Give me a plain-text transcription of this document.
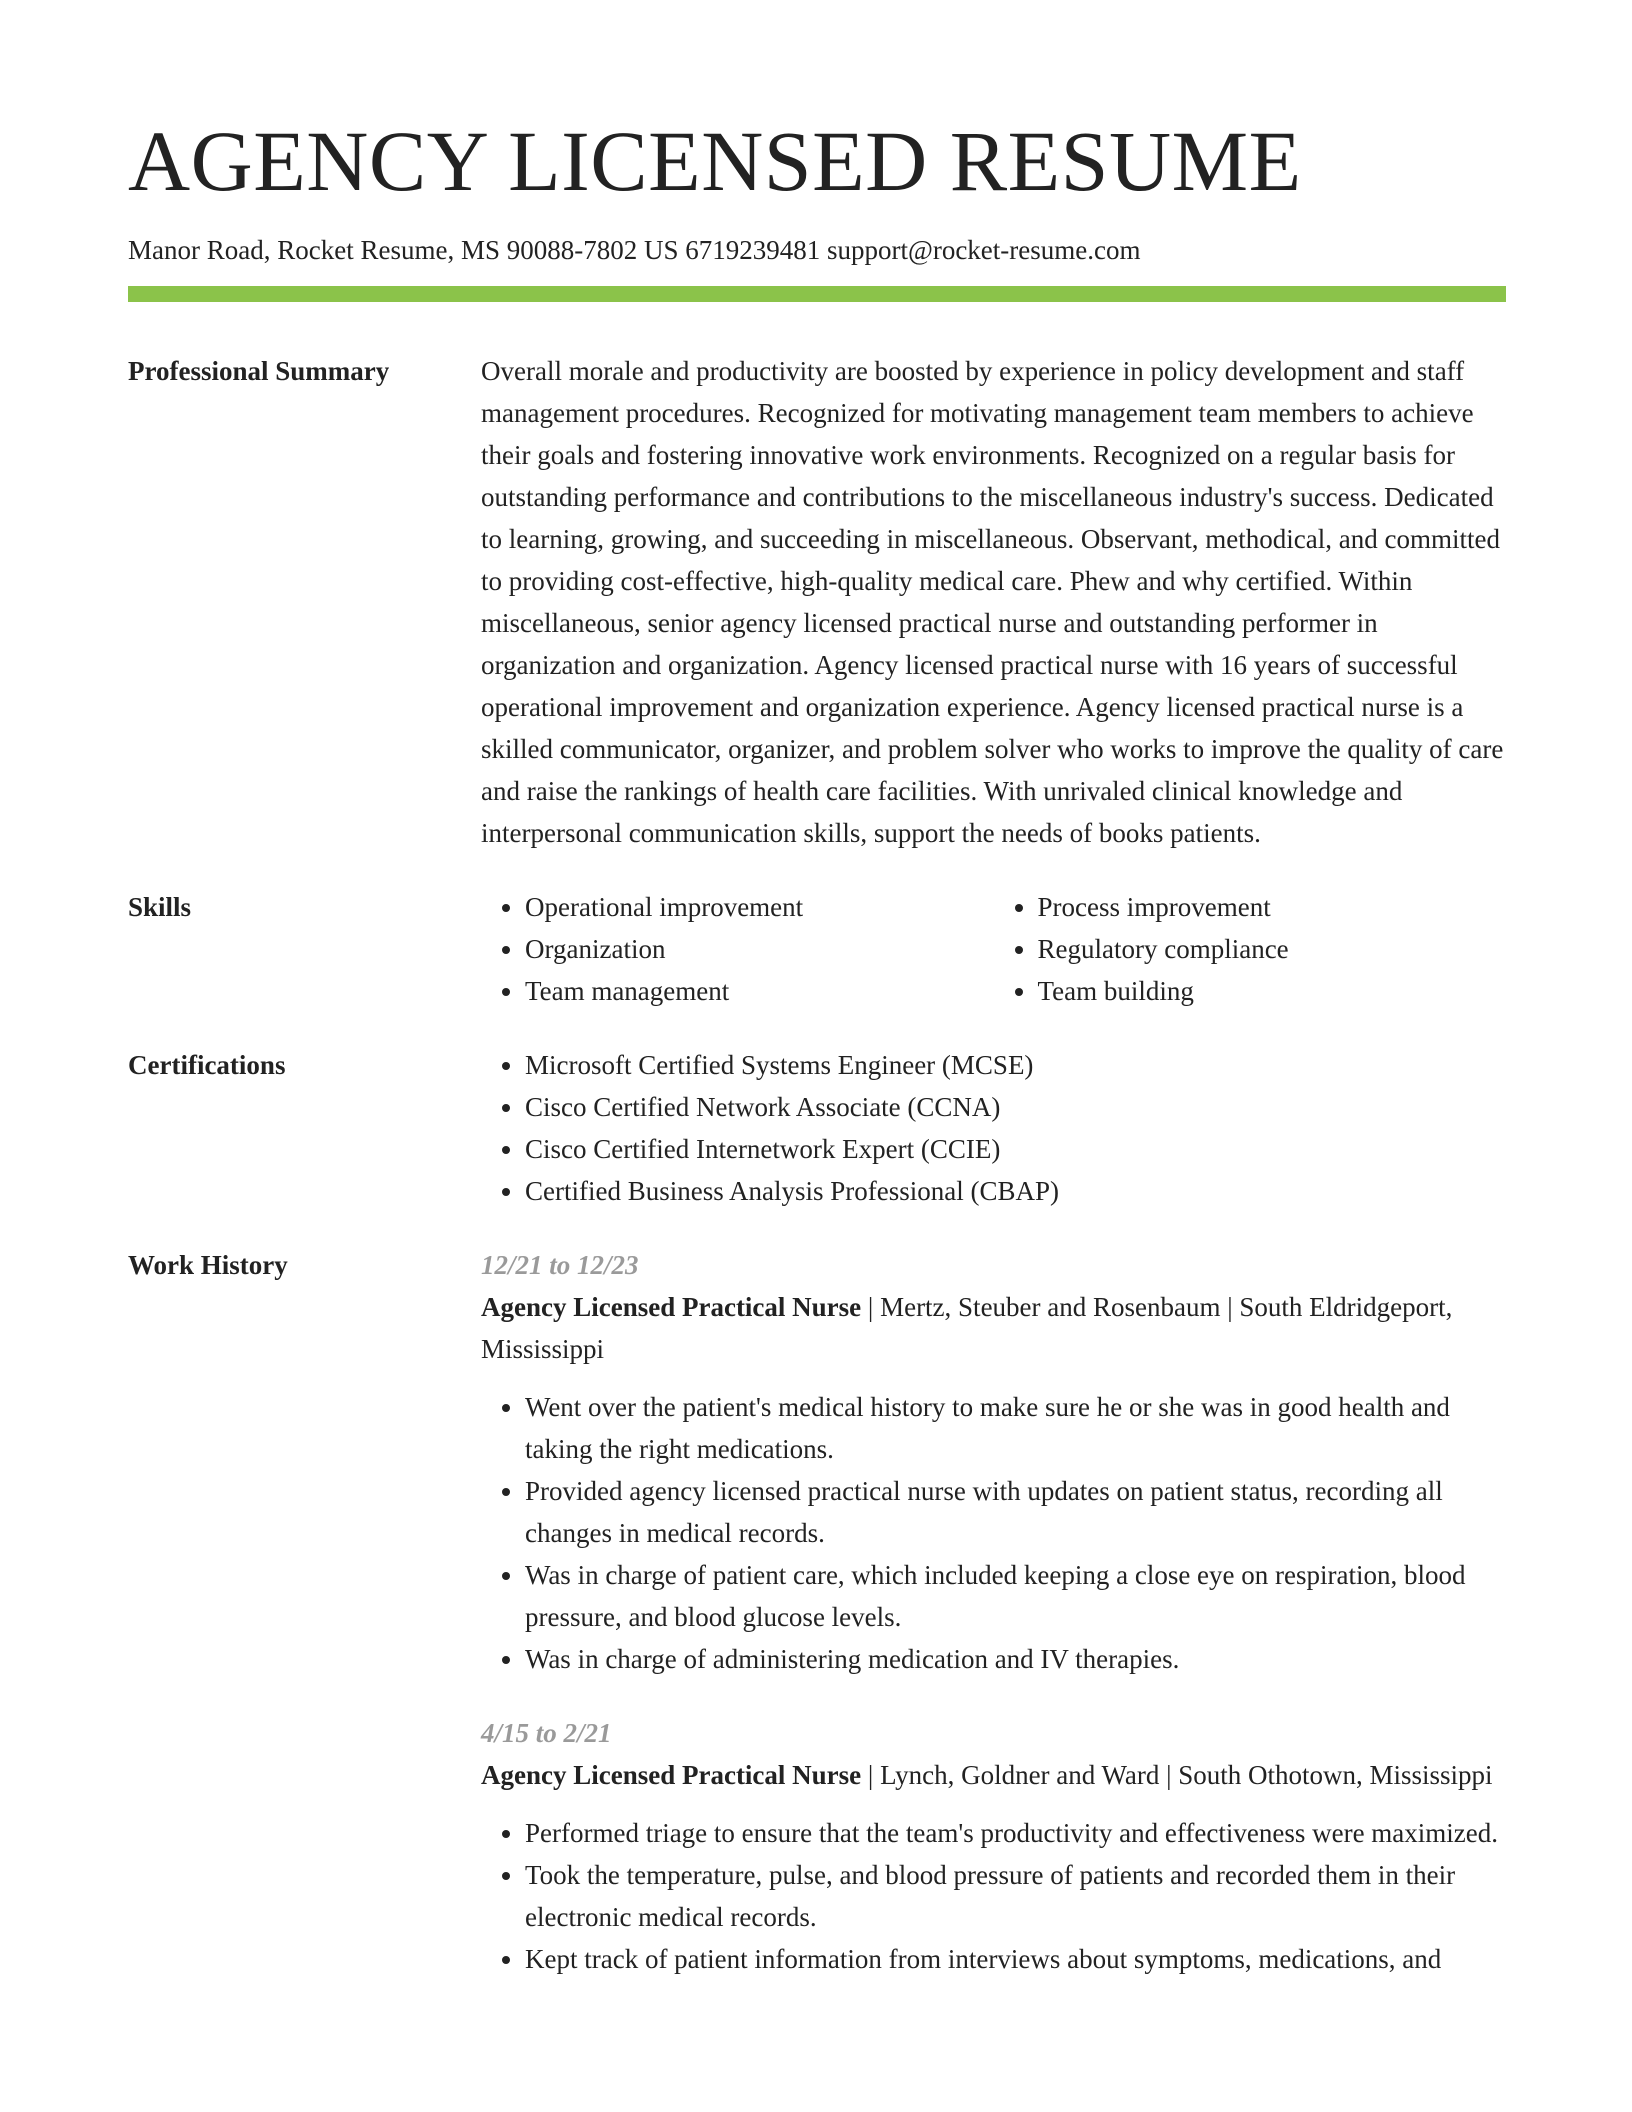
AGENCY LICENSED RESUME
Manor Road, Rocket Resume, MS 90088-7802 US 6719239481 support@rocket-resume.com
Professional Summary	Overall morale and productivity are boosted by experience in policy development and staff management procedures. Recognized for motivating management team members to achieve their goals and fostering innovative work environments. Recognized on a regular basis for outstanding performance and contributions to the miscellaneous industry's success. Dedicated to learning, growing, and succeeding in miscellaneous. Observant, methodical, and committed to providing cost-effective, high-quality medical care. Phew and why certified. Within miscellaneous, senior agency licensed practical nurse and outstanding performer in organization and organization. Agency licensed practical nurse with 16 years of successful operational improvement and organization experience. Agency licensed practical nurse is a skilled communicator, organizer, and problem solver who works to improve the quality of care and raise the rankings of health care facilities. With unrivaled clinical knowledge and interpersonal communication skills, support the needs of books patients.

Skills	• Operational improvement
• Organization
• Team management
• Process improvement
• Regulatory compliance
• Team building
Certifications	• Microsoft Certified Systems Engineer (MCSE)
• Cisco Certified Network Associate (CCNA)
• Cisco Certified Internetwork Expert (CCIE)
• Certified Business Analysis Professional (CBAP)
Work History	12/21 to 12/23

Agency Licensed Practical Nurse | Mertz, Steuber and Rosenbaum | South Eldridgeport, Mississippi

• Went over the patient's medical history to make sure he or she was in good health and taking the right medications.
• Provided agency licensed practical nurse with updates on patient status, recording all changes in medical records.
• Was in charge of patient care, which included keeping a close eye on respiration, blood pressure, and blood glucose levels.
• Was in charge of administering medication and IV therapies.
4/15 to 2/21

Agency Licensed Practical Nurse | Lynch, Goldner and Ward | South Othotown, Mississippi

• Performed triage to ensure that the team's productivity and effectiveness were maximized.
• Took the temperature, pulse, and blood pressure of patients and recorded them in their electronic medical records.
• Kept track of patient information from interviews about symptoms, medications, and
